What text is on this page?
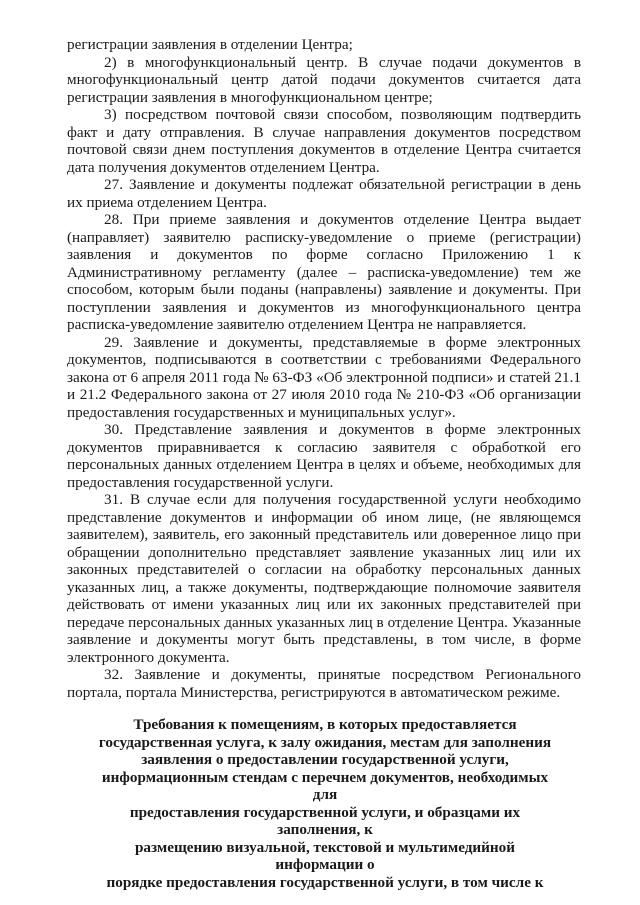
регистрации заявления в отделении Центра;

2) в многофункциональный центр. В случае подачи документов в многофункциональный центр датой подачи документов считается дата регистрации заявления в многофункциональном центре;

3) посредством почтовой связи способом, позволяющим подтвердить факт и дату отправления. В случае направления документов посредством почтовой связи днем поступления документов в отделение Центра считается дата получения документов отделением Центра.

27. Заявление и документы подлежат обязательной регистрации в день их приема отделением Центра.

28. При приеме заявления и документов отделение Центра выдает (направляет) заявителю расписку-уведомление о приеме (регистрации) заявления и документов по форме согласно Приложению 1 к Административному регламенту (далее – расписка-уведомление) тем же способом, которым были поданы (направлены) заявление и документы. При поступлении заявления и документов из многофункционального центра расписка-уведомление заявителю отделением Центра не направляется.

29. Заявление и документы, представляемые в форме электронных документов, подписываются в соответствии с требованиями Федерального закона от 6 апреля 2011 года № 63-ФЗ «Об электронной подписи» и статей 21.1 и 21.2 Федерального закона от 27 июля 2010 года № 210-ФЗ «Об организации предоставления государственных и муниципальных услуг».

30. Представление заявления и документов в форме электронных документов приравнивается к согласию заявителя с обработкой его персональных данных отделением Центра в целях и объеме, необходимых для предоставления государственной услуги.

31. В случае если для получения государственной услуги необходимо представление документов и информации об ином лице, (не являющемся заявителем), заявитель, его законный представитель или доверенное лицо при обращении дополнительно представляет заявление указанных лиц или их законных представителей о согласии на обработку персональных данных указанных лиц, а также документы, подтверждающие полномочие заявителя действовать от имени указанных лиц или их законных представителей при передаче персональных данных указанных лиц в отделение Центра. Указанные заявление и документы могут быть представлены, в том числе, в форме электронного документа.

32. Заявление и документы, принятые посредством Регионального портала, портала Министерства, регистрируются в автоматическом режиме.

Требования к помещениям, в которых предоставляется
государственная услуга, к залу ожидания, местам для заполнения
заявления о предоставлении государственной услуги,
информационным стендам с перечнем документов, необходимых для
предоставления государственной услуги, и образцами их заполнения, к
размещению визуальной, текстовой и мультимедийной информации о
порядке предоставления государственной услуги, в том числе к
